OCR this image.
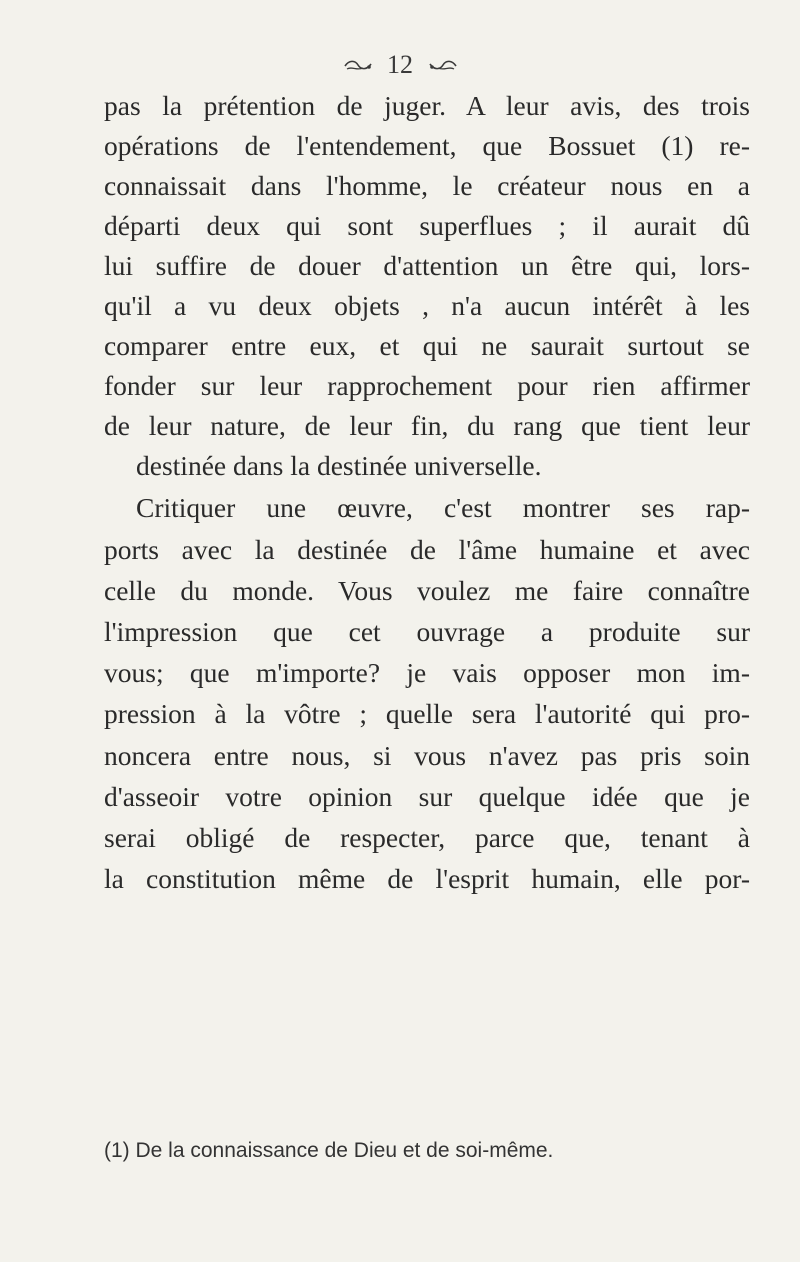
12
pas la prétention de juger. A leur avis, des trois
opérations de l'entendement, que Bossuet (1) re-
connaissait dans l'homme, le créateur nous en a
départi deux qui sont superflues ; il aurait dû
lui suffire de douer d'attention un être qui, lors-
qu'il a vu deux objets , n'a aucun intérêt à les
comparer entre eux, et qui ne saurait surtout se
fonder sur leur rapprochement pour rien affirmer
de leur nature, de leur fin, du rang que tient leur
destinée dans la destinée universelle.
Critiquer une œuvre, c'est montrer ses rap-
ports avec la destinée de l'âme humaine et avec
celle du monde. Vous voulez me faire connaître
l'impression que cet ouvrage a produite sur
vous; que m'importe? je vais opposer mon im-
pression à la vôtre ; quelle sera l'autorité qui pro-
noncera entre nous, si vous n'avez pas pris soin
d'asseoir votre opinion sur quelque idée que je
serai obligé de respecter, parce que, tenant à
la constitution même de l'esprit humain, elle por-
(1) De la connaissance de Dieu et de soi-même.
